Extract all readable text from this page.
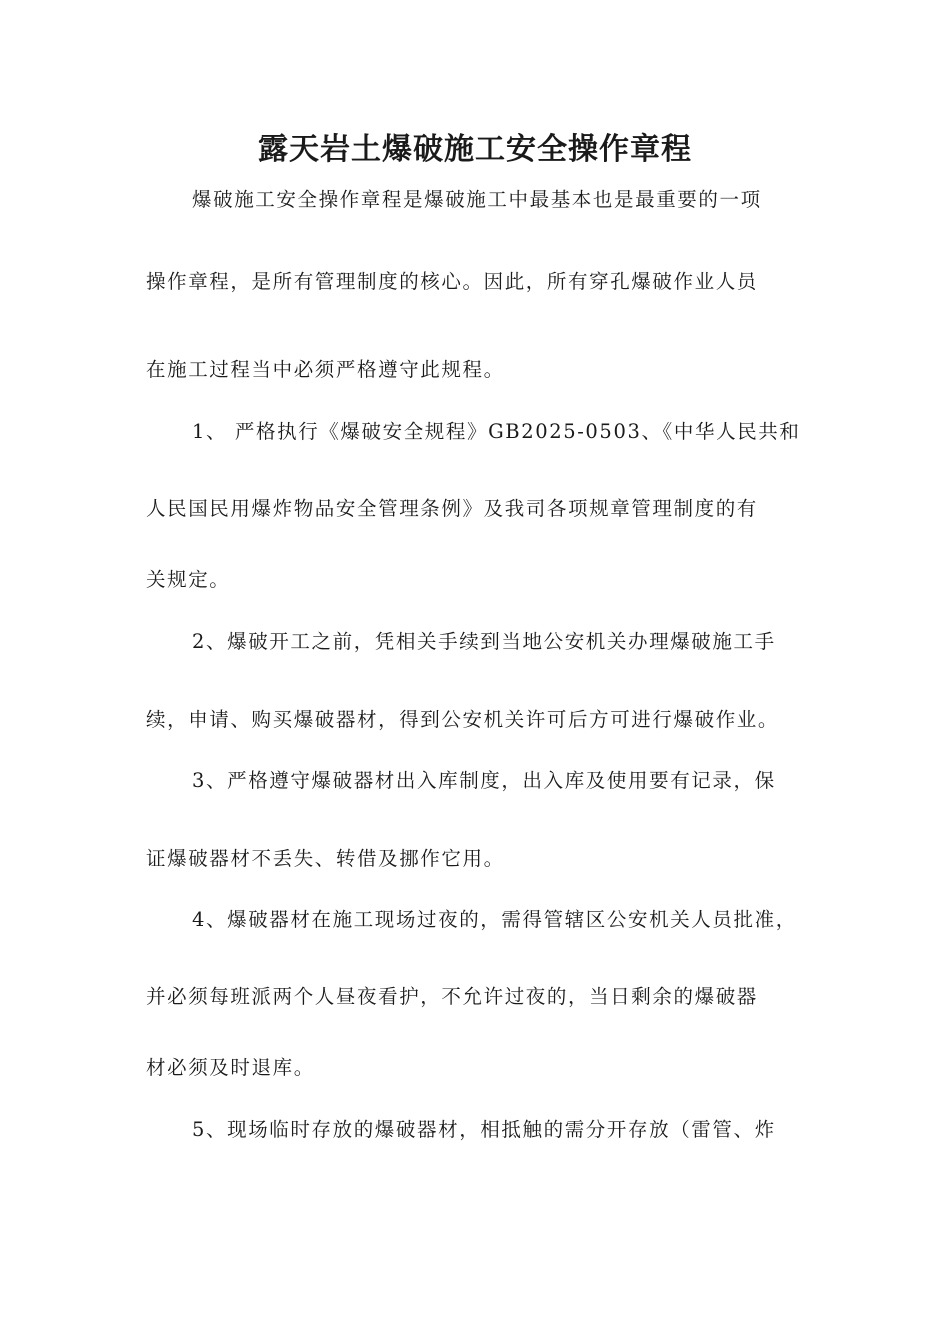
露天岩土爆破施工安全操作章程
爆破施工安全操作章程是爆破施工中最基本也是最重要的一项
操作章程，是所有管理制度的核心。因此，所有穿孔爆破作业人员
在施工过程当中必须严格遵守此规程。
1、 严格执行《爆破安全规程》GB2025-0503、《中华人民共和
人民国民用爆炸物品安全管理条例》及我司各项规章管理制度的有
关规定。
2、爆破开工之前，凭相关手续到当地公安机关办理爆破施工手
续，申请、购买爆破器材，得到公安机关许可后方可进行爆破作业。
3、严格遵守爆破器材出入库制度，出入库及使用要有记录，保
证爆破器材不丢失、转借及挪作它用。
4、爆破器材在施工现场过夜的，需得管辖区公安机关人员批准，
并必须每班派两个人昼夜看护，不允许过夜的，当日剩余的爆破器
材必须及时退库。
5、现场临时存放的爆破器材，相抵触的需分开存放（雷管、炸
